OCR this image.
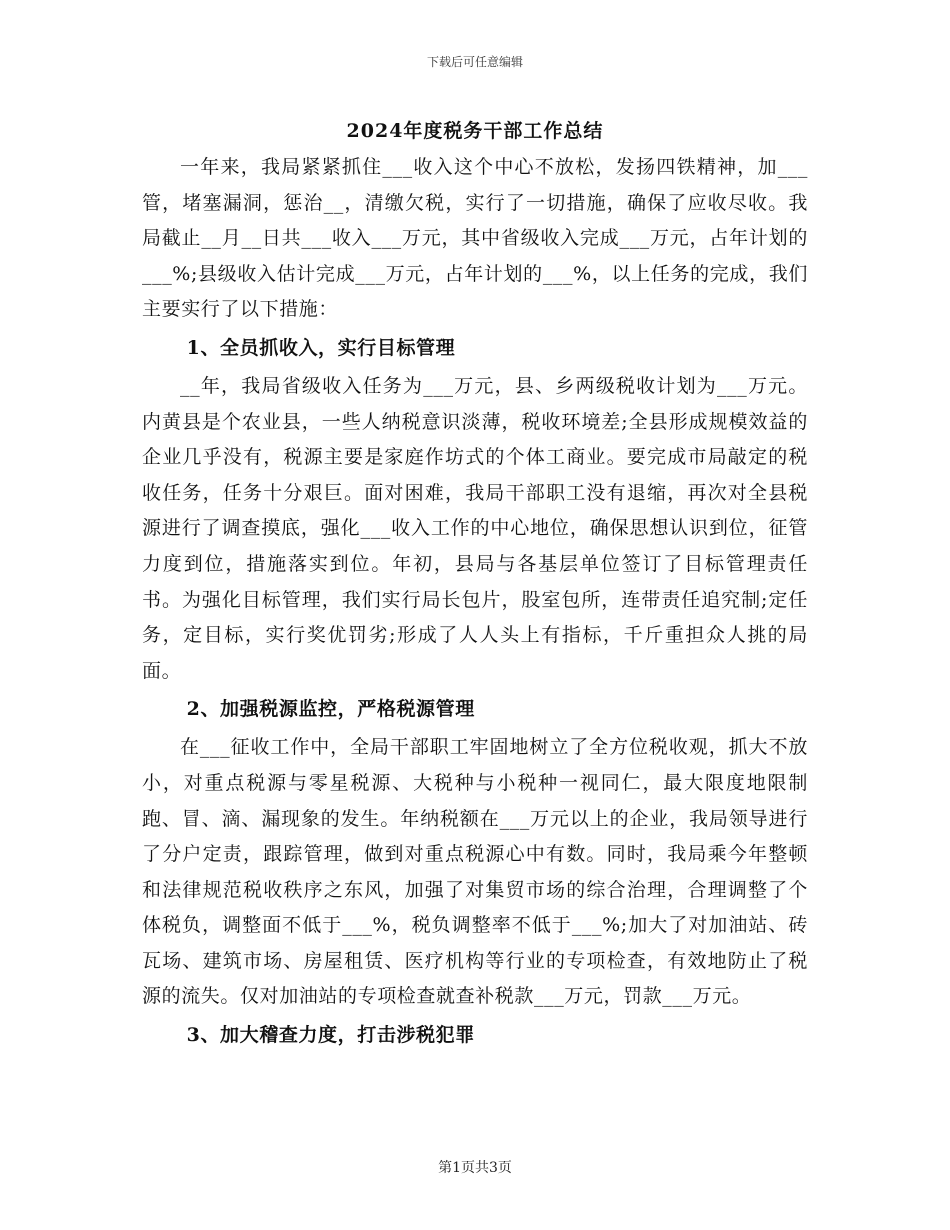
下载后可任意编辑
2024年度税务干部工作总结

一年来，我局紧紧抓住___收入这个中心不放松，发扬四铁精神，加___管，堵塞漏洞，惩治__，清缴欠税，实行了一切措施，确保了应收尽收。我局截止__月__日共___收入___万元，其中省级收入完成___万元，占年计划的___%;县级收入估计完成___万元，占年计划的___%，以上任务的完成，我们主要实行了以下措施：

1、全员抓收入，实行目标管理

__年，我局省级收入任务为___万元，县、乡两级税收计划为___万元。内黄县是个农业县，一些人纳税意识淡薄，税收环境差;全县形成规模效益的企业几乎没有，税源主要是家庭作坊式的个体工商业。要完成市局敲定的税收任务，任务十分艰巨。面对困难，我局干部职工没有退缩，再次对全县税源进行了调查摸底，强化___收入工作的中心地位，确保思想认识到位，征管力度到位，措施落实到位。年初，县局与各基层单位签订了目标管理责任书。为强化目标管理，我们实行局长包片，股室包所，连带责任追究制;定任务，定目标，实行奖优罚劣;形成了人人头上有指标，千斤重担众人挑的局面。

2、加强税源监控，严格税源管理

在___征收工作中，全局干部职工牢固地树立了全方位税收观，抓大不放小，对重点税源与零星税源、大税种与小税种一视同仁，最大限度地限制跑、冒、滴、漏现象的发生。年纳税额在___万元以上的企业，我局领导进行了分户定责，跟踪管理，做到对重点税源心中有数。同时，我局乘今年整顿和法律规范税收秩序之东风，加强了对集贸市场的综合治理，合理调整了个体税负，调整面不低于___%，税负调整率不低于___%;加大了对加油站、砖瓦场、建筑市场、房屋租赁、医疗机构等行业的专项检查，有效地防止了税源的流失。仅对加油站的专项检查就查补税款___万元，罚款___万元。

3、加大稽查力度，打击涉税犯罪

第1页共3页
